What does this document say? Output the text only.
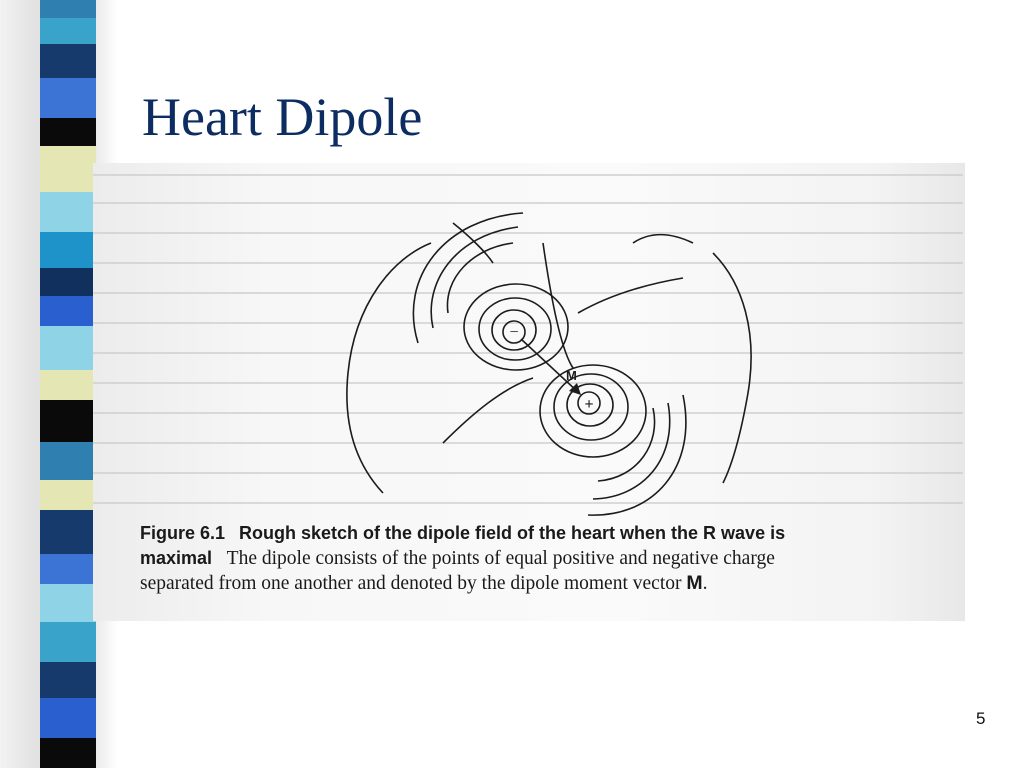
Heart Dipole
−
+
M
Figure 6.1 Rough sketch of the dipole field of the heart when the R wave is
maximal The dipole consists of the points of equal positive and negative charge
separated from one another and denoted by the dipole moment vector M.
5
